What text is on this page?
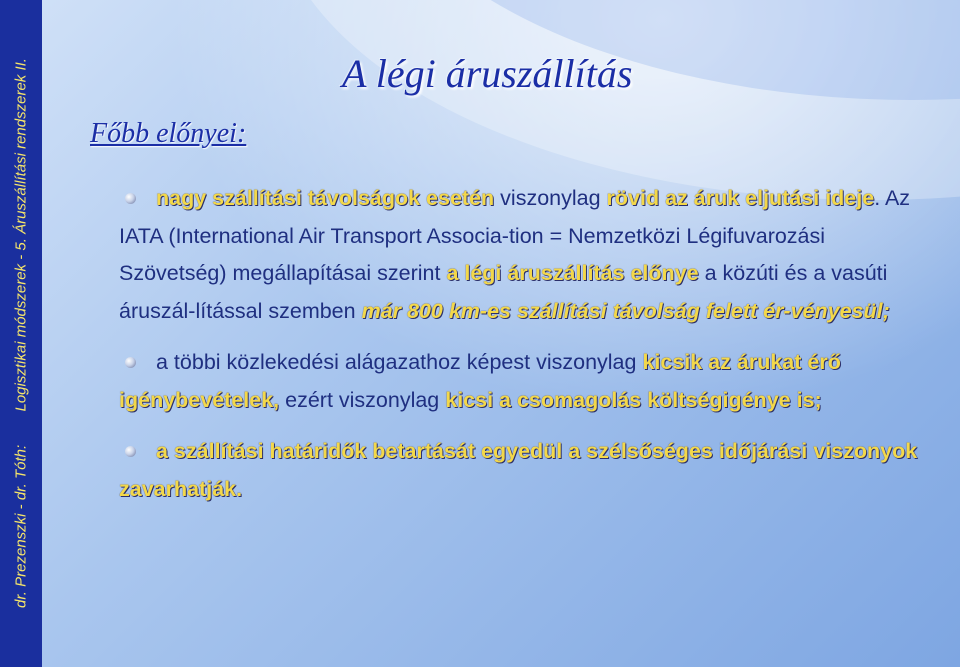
dr. Prezenszki - dr. Tóth:        Logisztikai módszerek - 5. Áruszállítási rendszerek II.	A légi áruszállítás
Főbb előnyei:

nagy szállítási távolságok esetén viszonylag rövid az áruk eljutási ideje. Az IATA (International Air Transport Associa-tion = Nemzetközi Légifuvarozási Szövetség) megállapításai szerint a légi áruszállítás előnye a közúti és a vasúti áruszál-lítással szemben már 800 km-es szállítási távolság felett ér-vényesül;

a többi közlekedési alágazathoz képest viszonylag kicsik az árukat érő igénybevételek, ezért viszonylag kicsi a csomagolás költségigénye is;

a szállítási határidők betartását egyedül a szélsőséges időjárási viszonyok zavarhatják.
